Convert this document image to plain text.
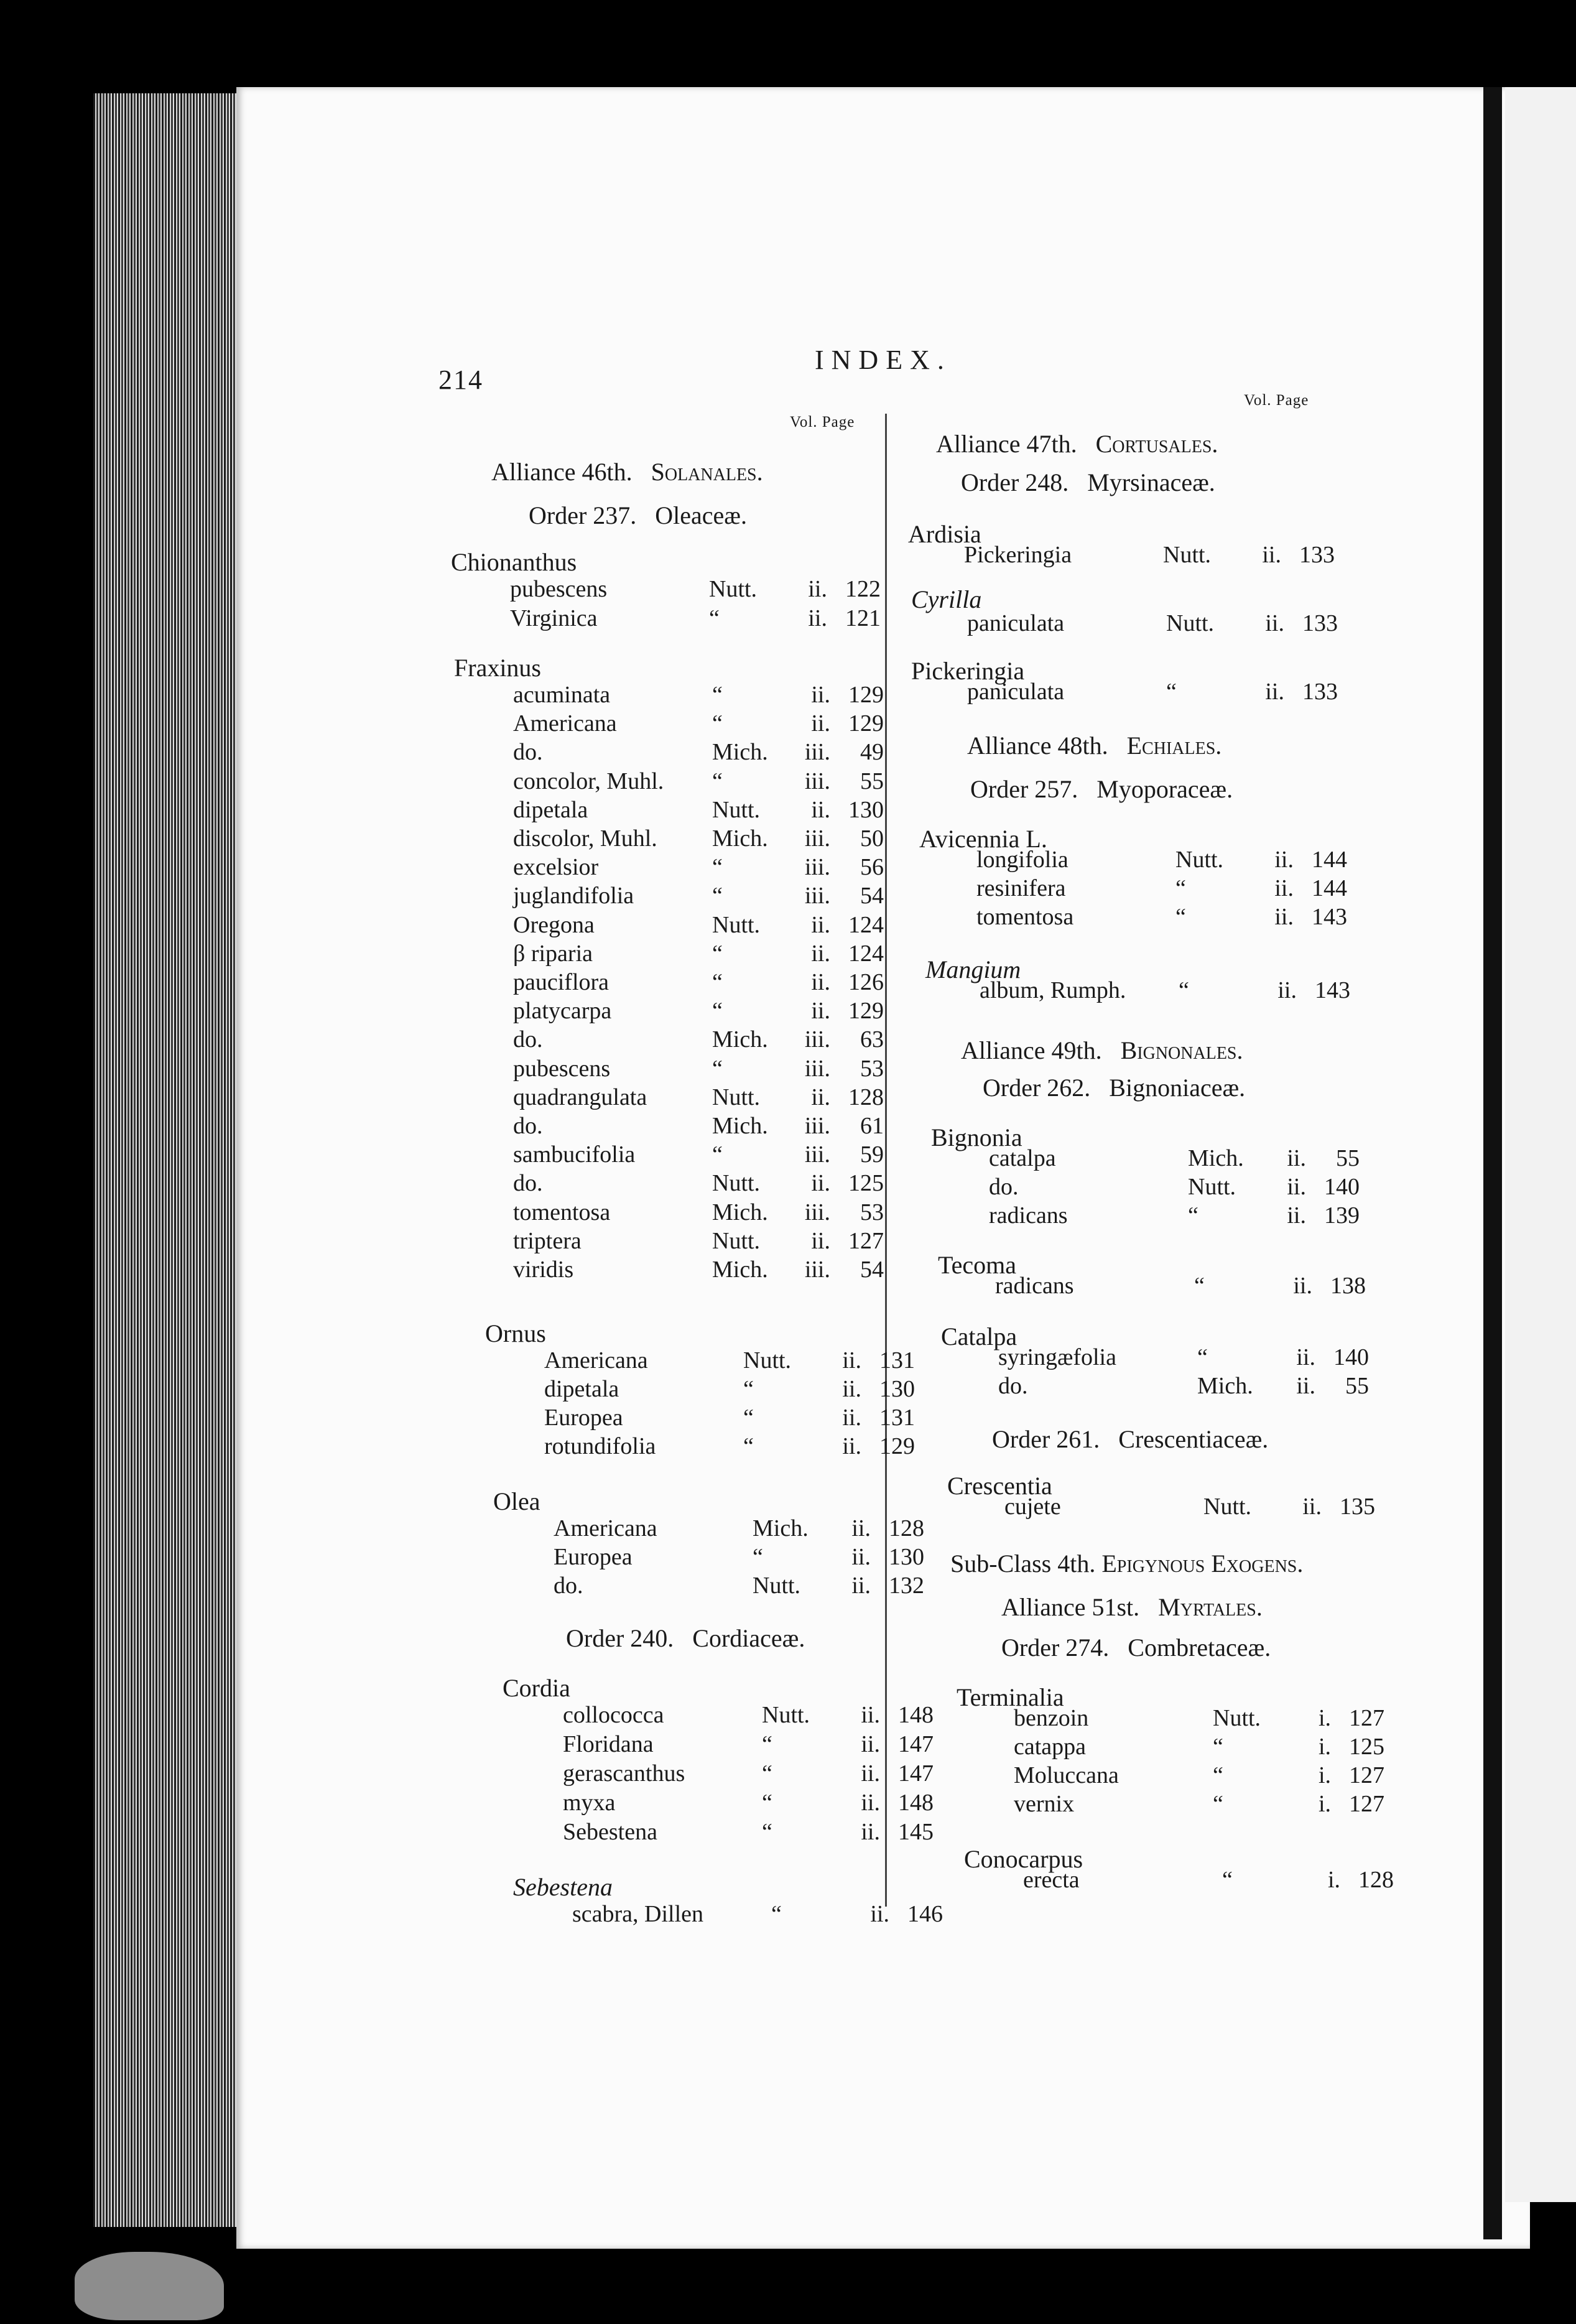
214
INDEX.
Vol. Page
Vol. Page
Alliance 46th. Solanales.
Order 237. Oleaceæ.
Chionanthus
Fraxinus
Ornus
Olea
Order 240. Cordiaceæ.
Cordia
Sebestena
Alliance 47th. Cortusales.
Order 248. Myrsinaceæ.
Ardisia
Cyrilla
Pickeringia
Alliance 48th. Echiales.
Order 257. Myoporaceæ.
Avicennia L.
Mangium
Alliance 49th. Bignonales.
Order 262. Bignoniaceæ.
Bignonia
Tecoma
Catalpa
Order 261. Crescentiaceæ.
Crescentia
Sub-Class 4th. Epigynous Exogens.
Alliance 51st. Myrtales.
Order 274. Combretaceæ.
Terminalia
Conocarpus
pubescens	Nutt.	ii. 122
Virginica	“	ii. 121
acuminata	“	ii. 129
Americana	“	ii. 129
do.	Mich.	iii.	49
concolor, Muhl.	“	iii.	55
dipetala	Nutt.	ii. 130
discolor, Muhl.	Mich.	iii.	50
excelsior	“	iii.	56
juglandifolia	“	iii.	54
Oregona	Nutt.	ii. 124
β riparia	“	ii. 124
pauciflora	“	ii. 126
platycarpa	“	ii. 129
do.	Mich.	iii.	63
pubescens	“	iii.	53
quadrangulata	Nutt.	ii. 128
do.	Mich.	iii.	61
sambucifolia	“	iii.	59
do.	Nutt.	ii. 125
tomentosa	Mich.	iii.	53
triptera	Nutt.	ii. 127
viridis	Mich.	iii.	54
Americana	Nutt.	ii. 131
dipetala	“	ii. 130
Europea	“	ii. 131
rotundifolia	“	ii. 129
Americana	Mich.	ii. 128
Europea	“	ii. 130
do.	Nutt.	ii. 132
collococca	Nutt.	ii. 148
Floridana	“	ii. 147
gerascanthus	“	ii. 147
myxa	“	ii. 148
Sebestena	“	ii. 145
scabra, Dillen	“	ii. 146
Pickeringia	Nutt.	ii. 133
paniculata	Nutt.	ii. 133
paniculata	“	ii. 133
longifolia	Nutt.	ii. 144
resinifera	“	ii. 144
tomentosa	“	ii. 143
album, Rumph.	“	ii. 143
catalpa	Mich.	ii.	55
do.	Nutt.	ii. 140
radicans	“	ii. 139
radicans	“	ii. 138
syringæfolia	“	ii. 140
do.	Mich.	ii.	55
cujete	Nutt.	ii. 135
benzoin	Nutt.	i. 127
catappa	“	i. 125
Moluccana	“	i. 127
vernix	“	i. 127
erecta	“	i. 128
